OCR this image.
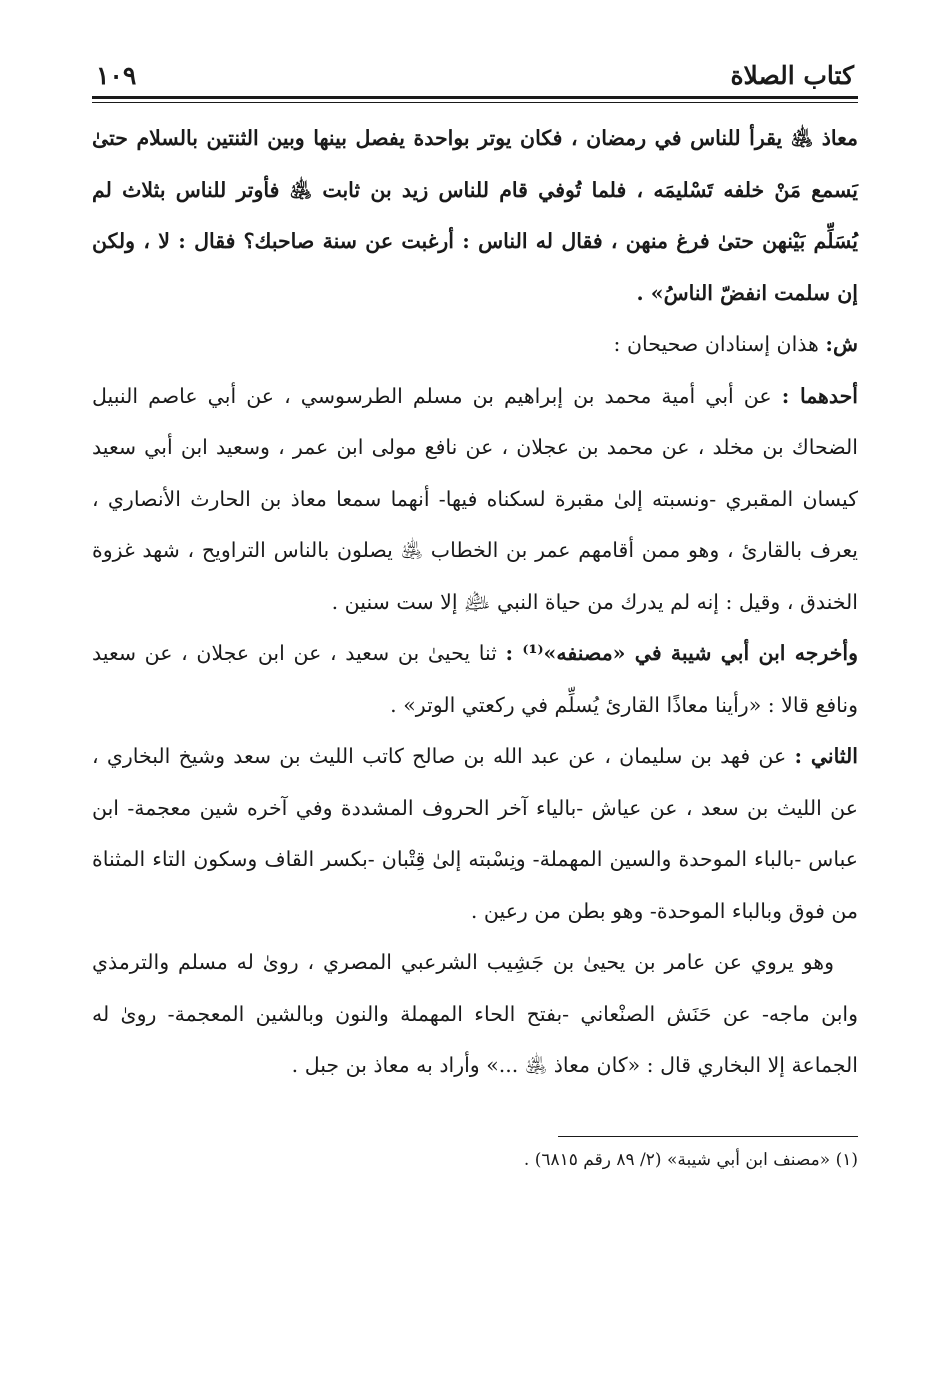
كتاب الصلاة
١٠٩

معاذ ﵁ يقرأ للناس في رمضان ، فكان يوتر بواحدة يفصل بينها وبين الثنتين بالسلام حتىٰ يَسمع مَنْ خلفه تَسْليمَه ، فلما تُوفي قام للناس زيد بن ثابت ﵁ فأوتر للناس بثلاث لم يُسَلِّم بَيْنهن حتىٰ فرغ منهن ، فقال له الناس : أرغبت عن سنة صاحبك؟ فقال : لا ، ولكن إن سلمت انفضّ الناسُ» .

ش: هذان إسنادان صحيحان :

أحدهما : عن أبي أمية محمد بن إبراهيم بن مسلم الطرسوسي ، عن أبي عاصم النبيل الضحاك بن مخلد ، عن محمد بن عجلان ، عن نافع مولى ابن عمر ، وسعيد ابن أبي سعيد كيسان المقبري -ونسبته إلىٰ مقبرة لسكناه فيها- أنهما سمعا معاذ بن الحارث الأنصاري ، يعرف بالقارئ ، وهو ممن أقامهم عمر بن الخطاب ﵁ يصلون بالناس التراويح ، شهد غزوة الخندق ، وقيل : إنه لم يدرك من حياة النبي ﵇ إلا ست سنين .

وأخرجه ابن أبي شيبة في «مصنفه»⁽¹⁾ : ثنا يحيىٰ بن سعيد ، عن ابن عجلان ، عن سعيد ونافع قالا : «رأينا معاذًا القارئ يُسلِّم في ركعتي الوتر» .

الثاني : عن فهد بن سليمان ، عن عبد الله بن صالح كاتب الليث بن سعد وشيخ البخاري ، عن الليث بن سعد ، عن عياش -بالياء آخر الحروف المشددة وفي آخره شين معجمة- ابن عباس -بالباء الموحدة والسين المهملة- ونِسْبته إلىٰ قِتْبان -بكسر القاف وسكون التاء المثناة من فوق وبالباء الموحدة- وهو بطن من رعين .

وهو يروي عن عامر بن يحيىٰ بن جَشِيب الشرعبي المصري ، روىٰ له مسلم والترمذي وابن ماجه- عن حَنَش الصنْعاني -بفتح الحاء المهملة والنون وبالشين المعجمة- روىٰ له الجماعة إلا البخاري قال : «كان معاذ ﵁ ...» وأراد به معاذ بن جبل .

(١) «مصنف ابن أبي شيبة» (٢/ ٨٩ رقم ٦٨١٥) .
